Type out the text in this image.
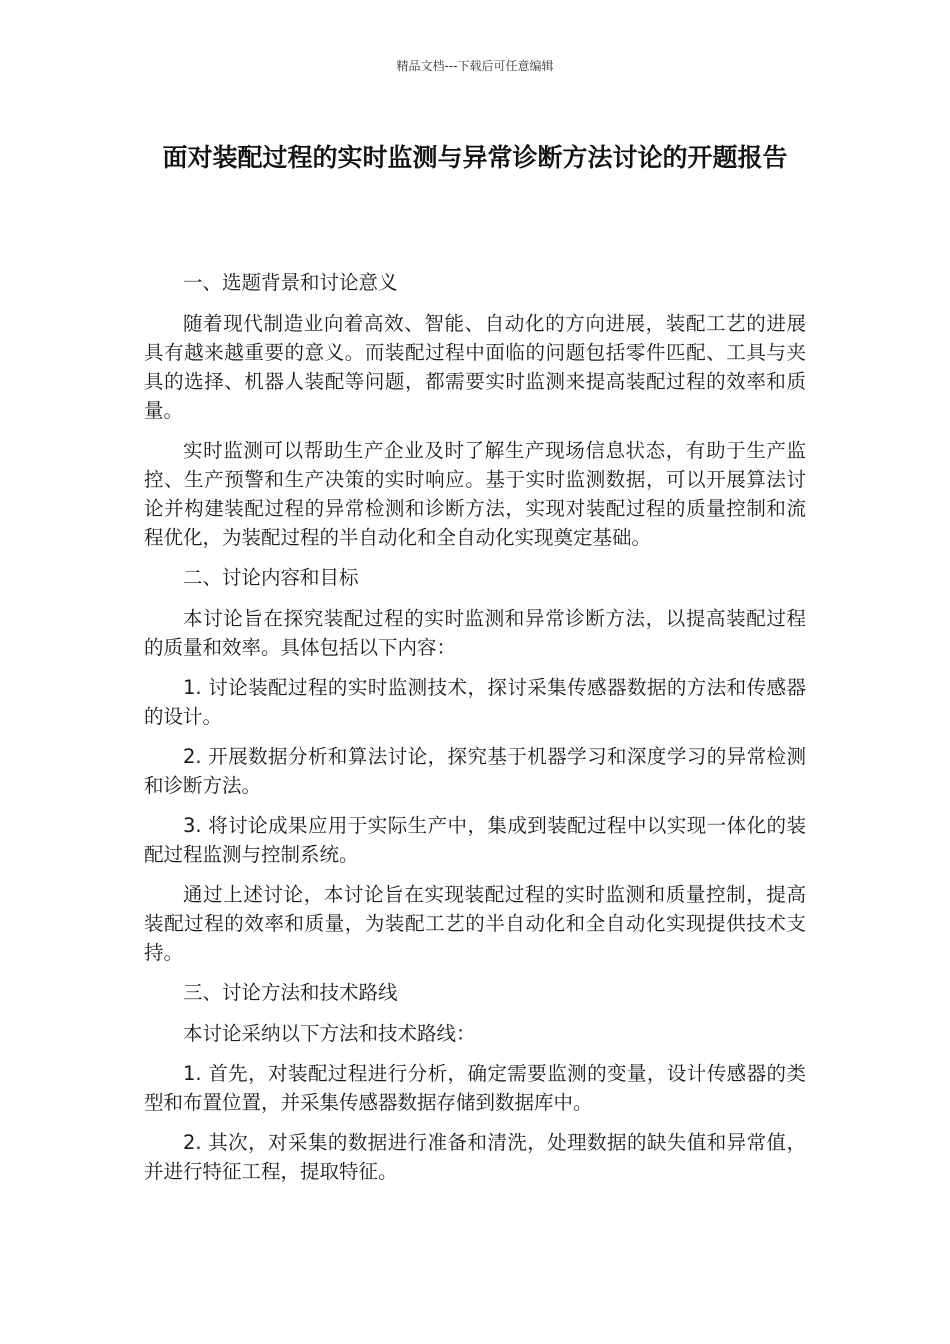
精品文档---下载后可任意编辑
面对装配过程的实时监测与异常诊断方法讨论的开题报告

一、选题背景和讨论意义

随着现代制造业向着高效、智能、自动化的方向进展，装配工艺的进展具有越来越重要的意义。而装配过程中面临的问题包括零件匹配、工具与夹具的选择、机器人装配等问题，都需要实时监测来提高装配过程的效率和质量。

实时监测可以帮助生产企业及时了解生产现场信息状态，有助于生产监控、生产预警和生产决策的实时响应。基于实时监测数据，可以开展算法讨论并构建装配过程的异常检测和诊断方法，实现对装配过程的质量控制和流程优化，为装配过程的半自动化和全自动化实现奠定基础。

二、讨论内容和目标

本讨论旨在探究装配过程的实时监测和异常诊断方法，以提高装配过程的质量和效率。具体包括以下内容：

1. 讨论装配过程的实时监测技术，探讨采集传感器数据的方法和传感器的设计。

2. 开展数据分析和算法讨论，探究基于机器学习和深度学习的异常检测和诊断方法。

3. 将讨论成果应用于实际生产中，集成到装配过程中以实现一体化的装配过程监测与控制系统。

通过上述讨论，本讨论旨在实现装配过程的实时监测和质量控制，提高装配过程的效率和质量，为装配工艺的半自动化和全自动化实现提供技术支持。

三、讨论方法和技术路线

本讨论采纳以下方法和技术路线：

1. 首先，对装配过程进行分析，确定需要监测的变量，设计传感器的类型和布置位置，并采集传感器数据存储到数据库中。

2. 其次，对采集的数据进行准备和清洗，处理数据的缺失值和异常值，并进行特征工程，提取特征。
